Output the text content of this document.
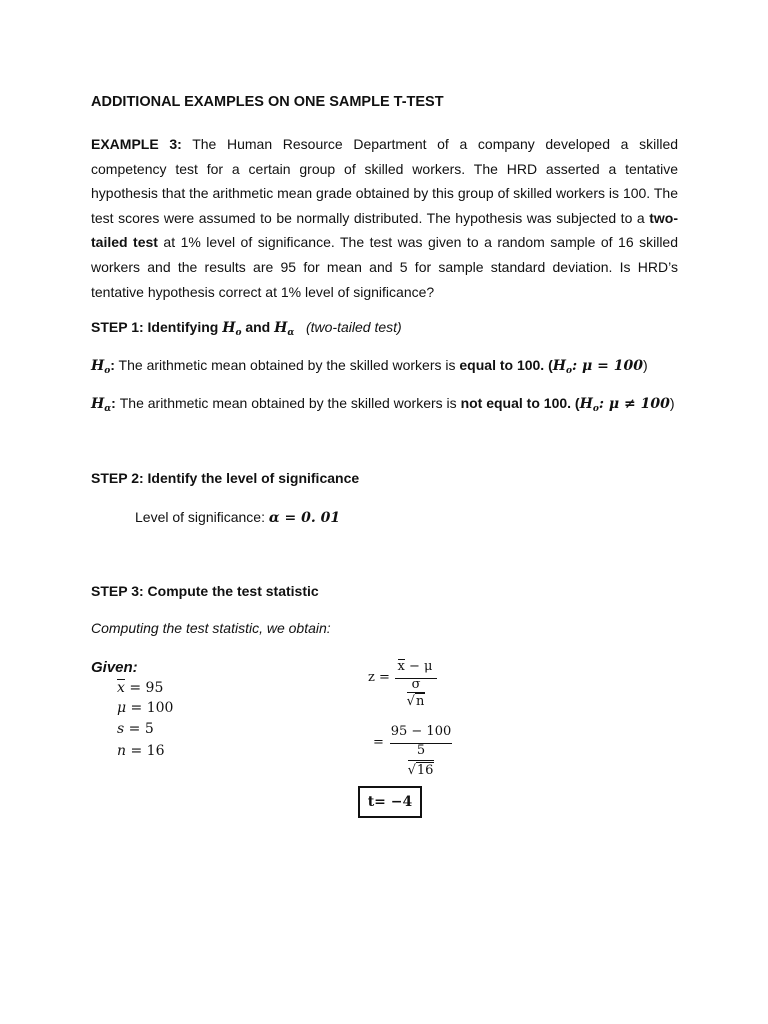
ADDITIONAL EXAMPLES ON ONE SAMPLE T-TEST
EXAMPLE 3: The Human Resource Department of a company developed a skilled competency test for a certain group of skilled workers. The HRD asserted a tentative hypothesis that the arithmetic mean grade obtained by this group of skilled workers is 100. The test scores were assumed to be normally distributed. The hypothesis was subjected to a two-tailed test at 1% level of significance. The test was given to a random sample of 16 skilled workers and the results are 95 for mean and 5 for sample standard deviation. Is HRD’s tentative hypothesis correct at 1% level of significance?
STEP 1: Identifying $H_o$ and $H_\alpha$ (two-tailed test)
$H_o$: The arithmetic mean obtained by the skilled workers is equal to 100. ($H_o$: μ = 100)
$H_\alpha$: The arithmetic mean obtained by the skilled workers is not equal to 100. ($H_o$: μ ≠ 100)
STEP 2: Identify the level of significance
Level of significance: α = 0. 01
STEP 3: Compute the test statistic
Computing the test statistic, we obtain:
Given:
x = 95
μ = 100
s = 5
n = 16
z =
x − μ
σ
√n
=
95 − 100
5
√16
t= −4
